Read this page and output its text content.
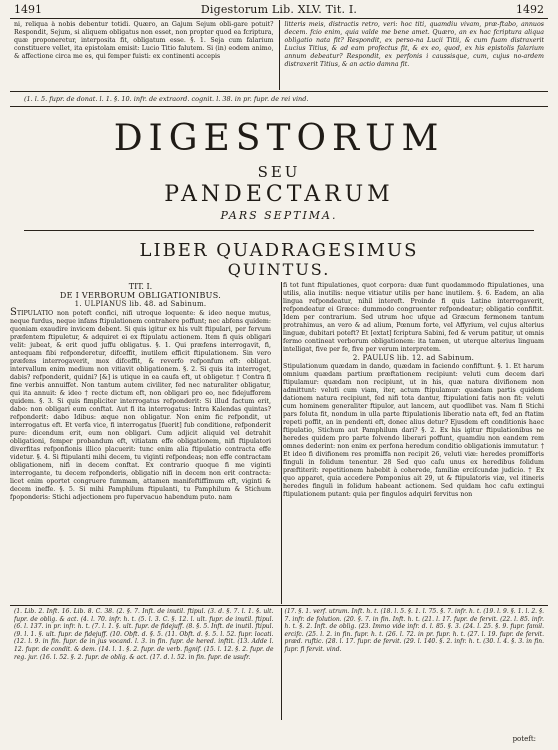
1491	Digestorum Lib. XLV. Tit. I.	1492
ni, reliqua à nobis debentur totidi. Quæro, an Gajum Sejum obli-gare potuit? Respondit, Sejum, si aliquem obligatus non esset, non propter quod ea fcriptura, quæ proponeretur, interposita fit, obligatum esse. §. 1. Seja cum falarium constituere vellet, ita epistolam emisit: Lucio Titio falutem. Si (in) eodem animo, & affectione circa me es, qui femper fuisti: ex continenti accepis
litteris meis, distractis retro, veri: hoc titi, quamdiu vivam, præ-ftabo, annuos decem. fcio enim, quia valde me bene amet. Quæro, an ex hac fcriptura aliqua obligatio nata fit? Respondit, ex perso-na Lucii Titii, & cum fuam distraxerit Lucius Titius, & ad eam profectus fit, & ex eo, quod, ex his epistolis falarium annum debeatur? Respondit, ex perfonis i caussisque, cum, cujus no-ardem distraxerit Titius, & an actio damna fit.
(1. l. 5. fupr. de donat. l. 1. §. 10. infr. de extraord. cognit. l. 38. in pr. fupr. de rei vind.
DIGESTORUM
SEU
PANDECTARUM
PARS SEPTIMA.
LIBER QUADRAGESIMUS
QUINTUS.

TIT. I.

DE I VERBORUM OBLIGATIONIBUS.

1. ULPIANUS lib. 48. ad Sabinum.

STIPULATIO non poteft confici, nifi utroque loquente: & ideo neque mutus, neque furdus, neque infans ftipulationem contrahere poffunt; nec abfens quidem: quoniam exaudire invicem debent. Si quis igitur ex his vult ftipulari, per fervum præfentem ftipuletur, & adquiret ei ex ftipulatu actionem. Item fi quis obligari velit: jubeat, & erit quod juffu obligatus. §. 1. Qui præfens interrogavit, fi, antequam fibi refponderetur, difceffit, inutilem efficit ftipulationem. Sin vero præfens interrogaverit, mox difceffit, & reverfo refponfum eft: obligat. intervallum enim medium non vitiavit obligationem. §. 2. Si quis ita interroget, dabis? refponderit, quidni? [&] is utique in ea caufa eft, ut obligetur. † Contra fi fine verbis annuiffet. Non tantum autem civiliter, fed nec naturaliter obligatur, qui ita annuit: & ideo † recte dictum eft, non obligari pro eo, nec fidejufforem quidem. §. 3. Si quis fimpliciter interrogatus refponderit: Si illud factum erit, dabo: non obligari eum conftat. Aut fi ita interrogatus: Intra Kalendas quintas? refponderit: dabo Idibus: æque non obligatur. Non enim fic refpondit, ut interrogatus eft. Et verfa vice, fi interrogatus [fuerit] fub conditione, refponderit pure: dicendum erit, eum non obligari. Cum adjicit aliquid vel detrahit obligationi, femper probandum eft, vitiatam effe obligationem, nifi ftipulatori diverfitas refponfionis illico placuerit: tunc enim alia ftipulatio contracta effe videtur. §. 4. Si ftipulanti mihi decem, tu viginti refpondeas; non effe contractam obligationem, nifi in decem conftat. Ex contrario quoque fi me viginti interrogante, tu decem refponderis, obligatio nifi in decem non erit contracta: licet enim oportet congruere fummam, attamen manifeftiffimum eft, viginti & decem ineffe. §. 5. Si mihi Pamphilum ftipulanti, tu Pamphilum & Stichum fpoponderis: Stichi adjectionem pro fupervacuo habendum puto. nam

fi tot funt ftipulationes, quot corpora: duæ funt quodammodo ftipulationes, una utilis, alia inutilis: neque vitiatur utilis per hanc inutilem. §. 6. Eadem, an alia lingua refpondeatur, nihil intereft. Proinde fi quis Latine interrogaverit, refpondeatur ei Græce: dummodo congruenter refpondeatur; obligatio confiftit. Idem per contrarium. Sed utrum hoc ufque ad Græcum fermonem tantum protrahimus, an vero & ad alium, Pœnum forte, vel Affyrium, vel cujus alterius linguæ, dubitari poteft? Et [extat] fcriptura Sabini, fed & verum patitur, ut omnis fermo contineat verborum obligationem: ita tamen, ut uterque alterius linguam intelligat, five per fe, five per verum interpretem.

2. PAULUS lib. 12. ad Sabinum.

Stipulationum quædam in dando, quædam in faciendo confiftunt. §. 1. Et harum omnium quædam partium præftationem recipiunt: veluti cum decem dari ftipulamur: quædam non recipiunt, ut in his, quæ natura divifionem non admittunt: veluti cum viam, iter, actum ftipulamur: quædam partis quidem dationem natura recipiunt, fed nifi tota dantur, ftipulationi fatis non fit: veluti cum hominem generaliter ftipulor, aut lancem, aut quodlibet vas. Nam fi Stichi pars foluta fit, nondum in ulla parte ftipulationis liberatio nata eft, fed an ftatim repeti poffit, an in pendenti eft, donec alius detur? Ejusdem eft conditionis haec ftipulatio, Stichum aut Pamphilum dari? §. 2. Ex his igitur ftipulationibus ne heredes quidem pro parte folvendo liberari poffunt, quamdiu non eandem rem omnes dederint: non enim ex perfona heredum conditio obligationis immutatur. † Et ideo fi divifionem res promiffa non recipit 26, veluti viæ: heredes promifforis finguli in folidum tenentur. 28 Sed quo caſu unus ex heredibus folidum præftiterit: repetitionem habebit à coherede, familiæ erciſcundæ judicio. † Ex quo apparet, quia accedere Pomponius ait 29, ut & ftipulatoris viæ, vel itineris heredes finguli in folidum habeant actionem. Sed quidam hoc cafu extingui ftipulationem putant: quia per fingulos adquiri fervitus non

(1. Lib. 2. Inft. 16. Lib. 8. C. 38. (2. §. 7. Inft. de inutil. ftipul. (3. d. §. 7. l. 1. §. ult. fupr. de oblig. & act. (4. l. 70. infr. h. t. (5. l. 3. C. §. 12. l. ult. fupr. de inutil. ftipul. (6. l. 137. in pr. infr. h. t. (7. l. 1. §. ult. fupr. de fidejuff. (8. §. 5. Inft. de inutil. ftipul. (9. l. 1. §. ult. fupr. de fidejuff. (10. Obft. d. §. 5. (11. Obft. d. §. 5. l. 52. fupr. locati. (12. l. 9. in fin. fupr. de in jus vocand. l. 3. in fin. fupr. de hered. inftit. (13. Adde l. 12. fupr. de condit. & dem. (14. l. 1. §. 2. fupr. de verb. fignif. (15. l. 12. §. 2. fupr. de reg. jur. (16. l. 52. §. 2. fupr. de oblig. & act. (17. d. l. 52. in fin. fupr. de usufr.
(17. §. 1. verf. utrum. Inft. h. t. (18. l. 5. §. 1. l. 75. §. 7. infr. h. t. (19. l. 9. §. 1. l. 2. §. 7. infr. de folution. (20. §. 7. in fin. Inft. h. t. (21. l. 17. fupr. de fervit. (22. l. 85. infr. h. t. §. 2. Inft. de oblig. (23. Immo vide infr. d. l. 85. §. 3. (24. l. 25. §. 9. fupr. famil. ercifc. (25. l. 2. in fin. fupr. h. t. (26. l. 72. in pr. fupr. h. t. (27. l. 19. fupr. de fervit. præd. ruftic. (28. l. 17. fupr. de fervit. (29. l. 140. §. 2. infr. h. t. (30. l. 4. §. 3. in fin. fupr. fi fervit. vind.
poteft:
